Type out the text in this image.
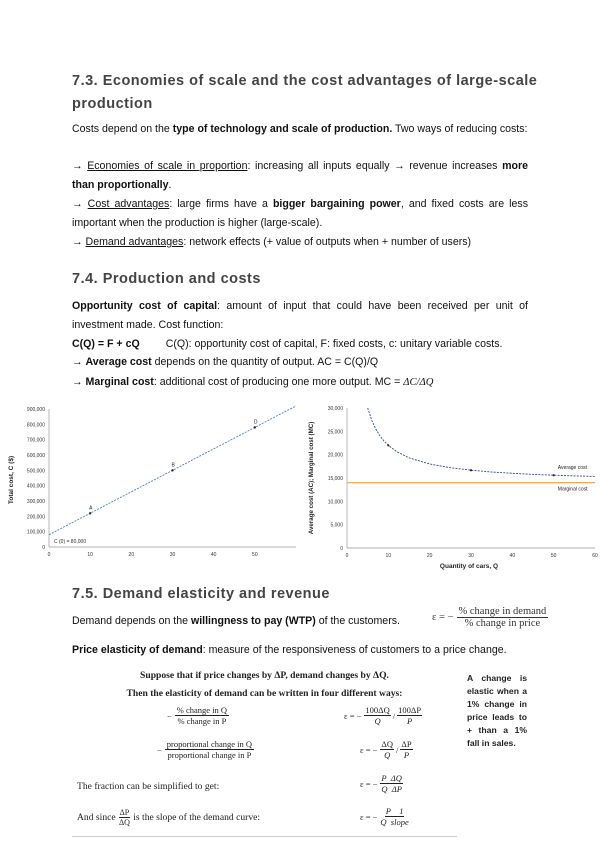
7.3. Economies of scale and the cost advantages of large-scale
production

Costs depend on the type of technology and scale of production. Two ways of reducing costs:

→ Economies of scale in proportion: increasing all inputs equally → revenue increases more than proportionally.

→ Cost advantages: large firms have a bigger bargaining power, and fixed costs are less important when the production is higher (large-scale).

→ Demand advantages: network effects (+ value of outputs when + number of users)

7.4. Production and costs

Opportunity cost of capital: amount of input that could have been received per unit of investment made. Cost function:

C(Q) = F + cQ C(Q): opportunity cost of capital, F: fixed costs, c: unitary variable costs.

→ Average cost depends on the quantity of output. AC = C(Q)/Q

→ Marginal cost: additional cost of producing one more output. MC = ΔC/ΔQ

0
100,000
200,000
300,000
400,000
500,000
600,000
700,000
800,000
900,000
0	10	20	30	40	50
A
B
D
C (0) = 80,000
Total cost, C ($)
0
5,000
10,000
15,000
20,000
25,000
30,000
0	10	20	30	40	50	60
Average cost
Marginal cost
Average cost (AC); Marginal cost (MC)
Quantity of cars, Q
7.5. Demand elasticity and revenue

Demand depends on the willingness to pay (WTP) of the customers.	ε = −
% change in demand
% change in price

Price elasticity of demand: measure of the responsiveness of customers to a price change.

Suppose that if price changes by ΔP, demand changes by ΔQ.
Then the elasticity of demand can be written in four different ways:
−
% change in Q
% change in P
ε = − $\frac{100\Delta Q}{Q}$ /
100ΔP
P
−
proportional change in Q
proportional change in P
ε = − $\frac{\Delta Q}{Q}$ /
ΔP
P
The fraction can be simplified to get:	ε = − $\frac{\text{P  ΔQ}}{\text{Q  ΔP}}$
And since ΔP
ΔQ is the slope of the demand curve:	ε = −
P    1
Q  slope

A change is elastic when a 1% change in price leads to + than a 1% fall in sales.
